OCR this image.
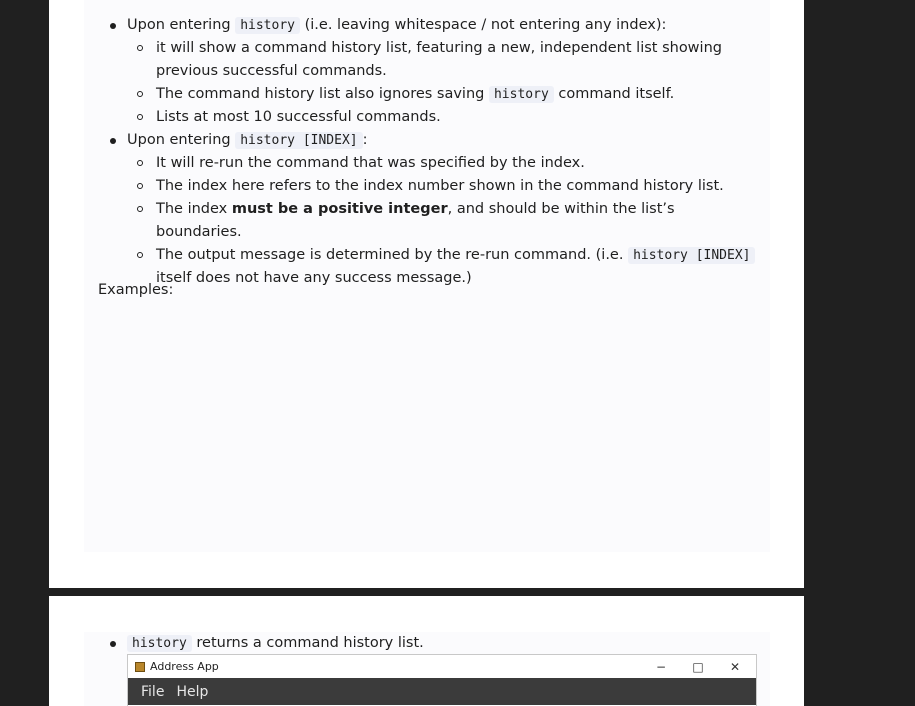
Upon entering history (i.e. leaving whitespace / not entering any index):
it will show a command history list, featuring a new, independent list showing previous successful commands.
The command history list also ignores saving history command itself.
Lists at most 10 successful commands.
Upon entering history [INDEX] :
It will re-run the command that was specified by the index.
The index here refers to the index number shown in the command history list.
The index must be a positive integer, and should be within the list’s boundaries.
The output message is determined by the re-run command. (i.e. history [INDEX] itself does not have any success message.)
Examples:
history returns a command history list.
Address App	−	□	✕
File Help
